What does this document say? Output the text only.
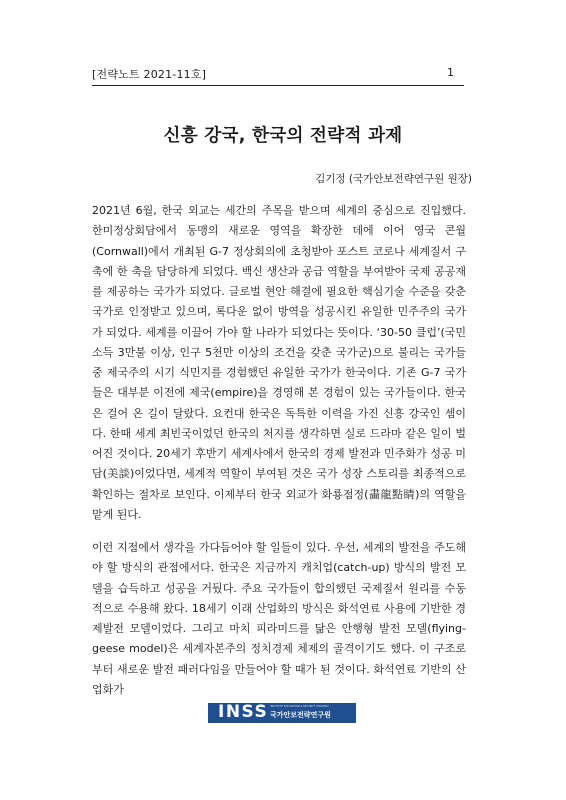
[전략노트 2021-11호]	1
신흥 강국, 한국의 전략적 과제
김기정 (국가안보전략연구원 원장)

2021년 6월, 한국 외교는 세간의 주목을 받으며 세계의 중심으로 진입했다. 한미정상회담에서 동맹의 새로운 영역을 확장한 데에 이어 영국 콘월(Cornwall)에서 개최된 G-7 정상회의에 초청받아 포스트 코로나 세계질서 구축에 한 축을 담당하게 되었다. 백신 생산과 공급 역할을 부여받아 국제 공공재를 제공하는 국가가 되었다. 글로벌 현안 해결에 필요한 핵심기술 수준을 갖춘 국가로 인정받고 있으며, 록다운 없이 방역을 성공시킨 유일한 민주주의 국가가 되었다. 세계를 이끌어 가야 할 나라가 되었다는 뜻이다. ‘30-50 클럽’(국민소득 3만불 이상, 인구 5천만 이상의 조건을 갖춘 국가군)으로 불리는 국가들 중 제국주의 시기 식민지를 경험했던 유일한 국가가 한국이다. 기존 G-7 국가들은 대부분 이전에 제국(empire)을 경영해 본 경험이 있는 국가들이다. 한국은 걸어 온 길이 달랐다. 요컨대 한국은 독특한 이력을 가진 신흥 강국인 셈이다. 한때 세계 최빈국이었던 한국의 처지를 생각하면 실로 드라마 같은 일이 벌어진 것이다. 20세기 후반기 세계사에서 한국의 경제 발전과 민주화가 성공 미담(美談)이었다면, 세계적 역할이 부여된 것은 국가 성장 스토리를 최종적으로 확인하는 절차로 보인다. 이제부터 한국 외교가 화룡점정(畵龍點睛)의 역할을 맡게 된다.

이런 지점에서 생각을 가다듬어야 할 일들이 있다. 우선, 세계의 발전을 주도해야 할 방식의 관점에서다. 한국은 지금까지 캐치업(catch-up) 방식의 발전 모델을 습득하고 성공을 거뒀다. 주요 국가들이 합의했던 국제질서 원리를 수동적으로 수용해 왔다. 18세기 이래 산업화의 방식은 화석연료 사용에 기반한 경제발전 모델이었다. 그리고 마치 피라미드를 닮은 안행형 발전 모델(flying-geese model)은 세계자본주의 정치경제 체제의 골격이기도 했다. 이 구조로부터 새로운 발전 패러다임을 만들어야 할 때가 된 것이다. 화석연료 기반의 산업화가

INSS INSTITUTE FOR NATIONAL SECURITY STRATEGY
국가안보전략연구원
